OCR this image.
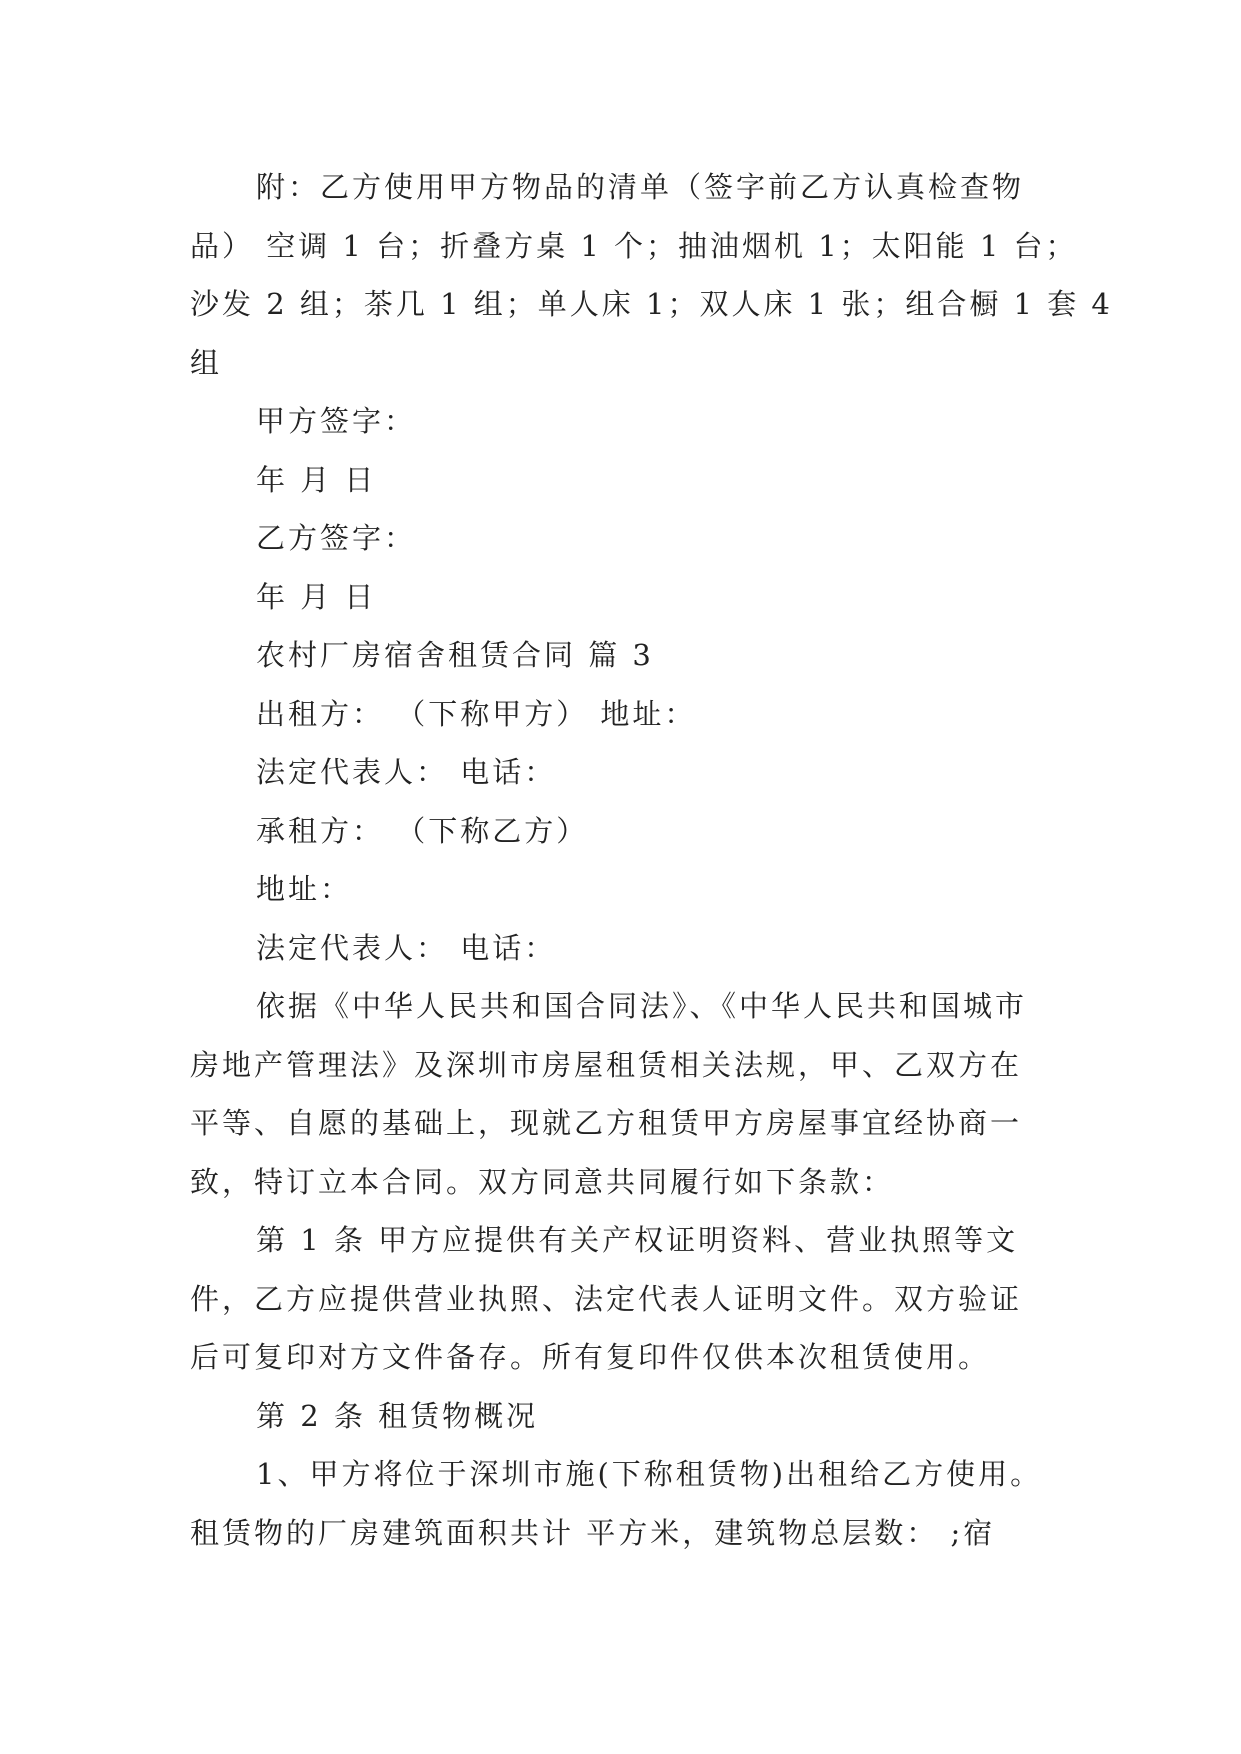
附：乙方使用甲方物品的清单（签字前乙方认真检查物
品） 空调 1 台；折叠方桌 1 个；抽油烟机 1；太阳能 1 台；
沙发 2 组；茶几 1 组；单人床 1；双人床 1 张；组合橱 1 套 4
组
甲方签字：
年 月 日
乙方签字：
年 月 日
农村厂房宿舍租赁合同 篇 3
出租方： （下称甲方） 地址：
法定代表人： 电话：
承租方： （下称乙方）
地址：
法定代表人： 电话：
依据《中华人民共和国合同法》、《中华人民共和国城市
房地产管理法》及深圳市房屋租赁相关法规，甲、乙双方在
平等、自愿的基础上，现就乙方租赁甲方房屋事宜经协商一
致，特订立本合同。双方同意共同履行如下条款：
第 1 条 甲方应提供有关产权证明资料、营业执照等文
件，乙方应提供营业执照、法定代表人证明文件。双方验证
后可复印对方文件备存。所有复印件仅供本次租赁使用。
第 2 条 租赁物概况
1、甲方将位于深圳市施(下称租赁物)出租给乙方使用。
租赁物的厂房建筑面积共计 平方米，建筑物总层数： ;宿
